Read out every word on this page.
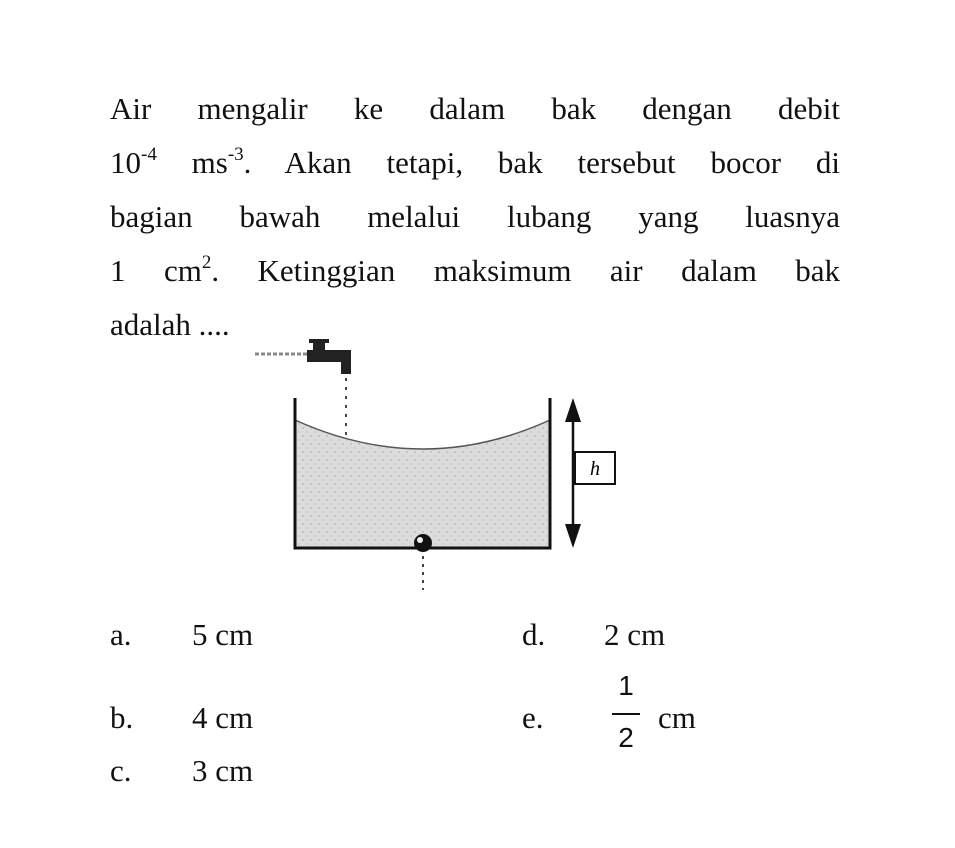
Air mengalir ke dalam bak dengan debit
$10^{-4}$ $ms^{-3}$. Akan tetapi, bak tersebut bocor di
bagian bawah melalui lubang yang luasnya
1 $cm^2$. Ketinggian maksimum air dalam bak
adalah ....
h
a. 5 cm	d. 2 cm
b. 4 cm	e.
1
2
cm
c. 3 cm
